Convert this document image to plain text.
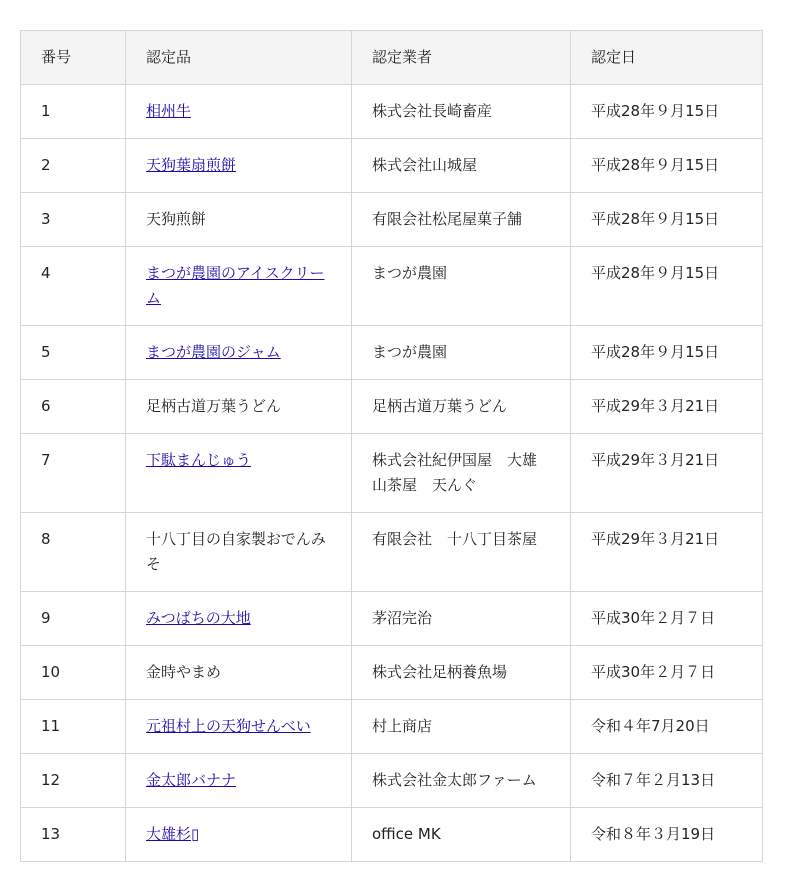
番号	認定品	認定業者	認定日
1	相州牛	株式会社長崎畜産	平成28年９月15日
2	天狗葉扇煎餅	株式会社山城屋	平成28年９月15日
3	天狗煎餅	有限会社松尾屋菓子舗	平成28年９月15日
4	まつが農園のアイスクリーム	まつが農園	平成28年９月15日
5	まつが農園のジャム	まつが農園	平成28年９月15日
6	足柄古道万葉うどん	足柄古道万葉うどん	平成29年３月21日
7	下駄まんじゅう	株式会社紀伊国屋　大雄山茶屋　天んぐ	平成29年３月21日
8	十八丁目の自家製おでんみそ	有限会社　十八丁目茶屋	平成29年３月21日
9	みつばちの大地	茅沼完治	平成30年２月７日
10	金時やまめ	株式会社足柄養魚場	平成30年２月７日
11	元祖村上の天狗せんべい	村上商店	令和４年7月20日
12	金太郎バナナ	株式会社金太郎ファーム	令和７年２月13日
13	大雄杉▯	office MK	令和８年３月19日
